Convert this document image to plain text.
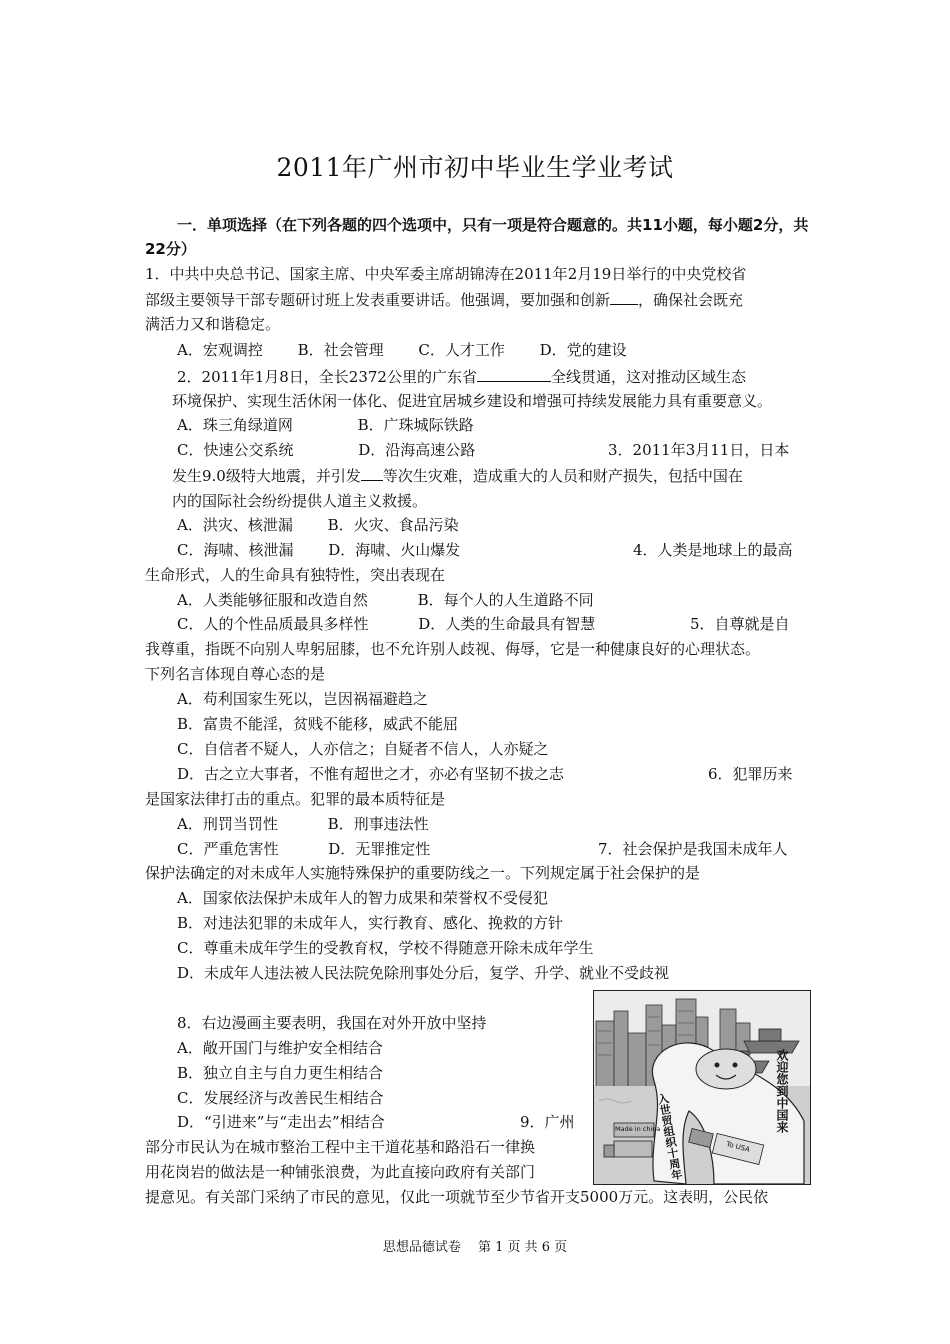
2011年广州市初中毕业生学业考试
一．单项选择（在下列各题的四个选项中，只有一项是符合题意的。共11小题，每小题2分，共22分）
1．中共中央总书记、国家主席、中央军委主席胡锦涛在2011年2月19日举行的中央党校省
部级主要领导干部专题研讨班上发表重要讲话。他强调，要加强和创新 ，确保社会既充
满活力又和谐稳定。
A．宏观调控　　 B．社会管理　　 C．人才工作　　 D．党的建设
2．2011年1月8日，全长2372公里的广东省	全线贯通，这对推动区域生态
环境保护、实现生活休闲一体化、促进宜居城乡建设和增强可持续发展能力具有重要意义。
A．珠三角绿道网　　　　 B．广珠城际铁路
C．快速公交系统　　　　 D．沿海高速公路	3．2011年3月11日，日本
发生9.0级特大地震，并引发 等次生灾难，造成重大的人员和财产损失，包括中国在
内的国际社会纷纷提供人道主义救援。
A．洪灾、核泄漏　　 B．火灾、食品污染
C．海啸、核泄漏　　 D．海啸、火山爆发	4．人类是地球上的最高
生命形式，人的生命具有独特性，突出表现在
A．人类能够征服和改造自然　　　 B．每个人的人生道路不同
C．人的个性品质最具多样性　　　 D．人类的生命最具有智慧	5．自尊就是自
我尊重，指既不向别人卑躬屈膝，也不允许别人歧视、侮辱，它是一种健康良好的心理状态。
下列名言体现自尊心态的是
A．苟利国家生死以，岂因祸福避趋之
B．富贵不能淫，贫贱不能移，威武不能屈
C．自信者不疑人，人亦信之；自疑者不信人，人亦疑之
D．古之立大事者，不惟有超世之才，亦必有坚韧不拔之志	6．犯罪历来
是国家法律打击的重点。犯罪的最本质特征是
A．刑罚当罚性　　　 B．刑事违法性
C．严重危害性　　　 D．无罪推定性	7．社会保护是我国未成年人
保护法确定的对未成年人实施特殊保护的重要防线之一。下列规定属于社会保护的是
A．国家依法保护未成年人的智力成果和荣誉权不受侵犯
B．对违法犯罪的未成年人，实行教育、感化、挽救的方针
C．尊重未成年学生的受教育权，学校不得随意开除未成年学生
D．未成年人违法被人民法院免除刑事处分后，复学、升学、就业不受歧视
8．右边漫画主要表明，我国在对外开放中坚持
A．敞开国门与维护安全相结合
B．独立自主与自力更生相结合
C．发展经济与改善民生相结合
D．“引进来”与“走出去”相结合	9．广州
部分市民认为在城市整治工程中主干道花基和路沿石一律换
用花岗岩的做法是一种铺张浪费，为此直接向政府有关部门
提意见。有关部门采纳了市民的意见，仅此一项就节至少节省开支5000万元。这表明，公民依
欢迎您到中国来
入世贸组织十周年
Made in china
To USA
思想品德试卷　 第 1 页 共 6 页
